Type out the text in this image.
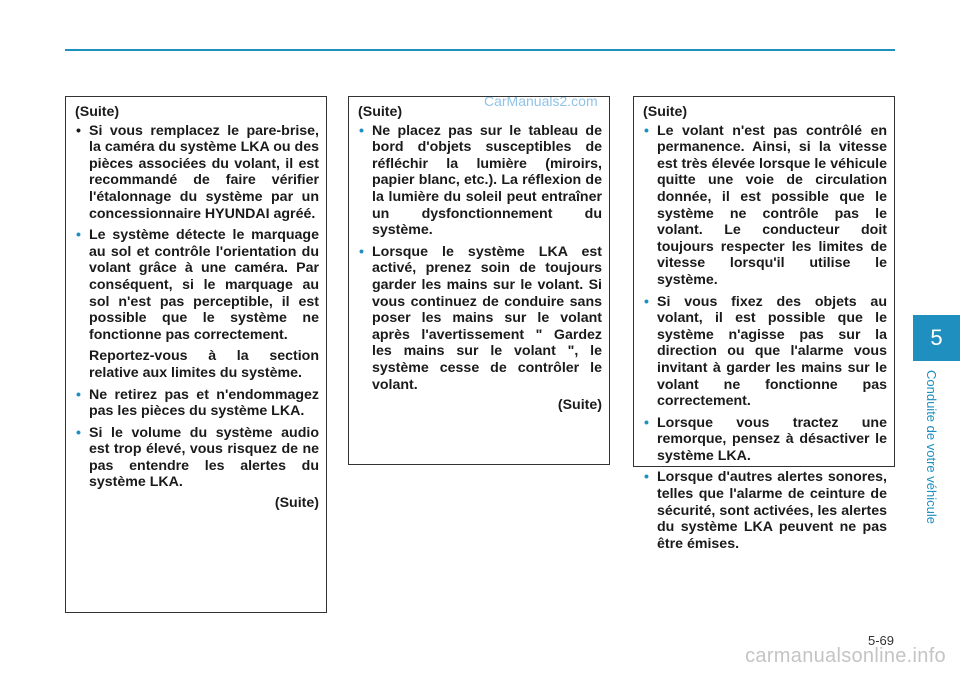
5
Conduite de votre véhicule
CarManuals2.com
(Suite)
• Si vous remplacez le pare-brise, la caméra du système LKA ou des pièces associées du volant, il est recommandé de faire vérifier l'étalonnage du système par un concessionnaire HYUNDAI agréé.
• Le système détecte le marquage au sol et contrôle l'orientation du volant grâce à une caméra. Par conséquent, si le marquage au sol n'est pas perceptible, il est possible que le système ne fonctionne pas correctement.
Reportez-vous à la section relative aux limites du système.
• Ne retirez pas et n'endommagez pas les pièces du système LKA.
• Si le volume du système audio est trop élevé, vous risquez de ne pas entendre les alertes du système LKA.
(Suite)
(Suite)
• Ne placez pas sur le tableau de bord d'objets susceptibles de réfléchir la lumière (miroirs, papier blanc, etc.). La réflexion de la lumière du soleil peut entraîner un dysfonctionnement du système.
• Lorsque le système LKA est activé, prenez soin de toujours garder les mains sur le volant. Si vous continuez de conduire sans poser les mains sur le volant après l'avertissement " Gardez les mains sur le volant ", le système cesse de contrôler le volant.
(Suite)
(Suite)
• Le volant n'est pas contrôlé en permanence. Ainsi, si la vitesse est très élevée lorsque le véhicule quitte une voie de circulation donnée, il est possible que le système ne contrôle pas le volant. Le conducteur doit toujours respecter les limites de vitesse lorsqu'il utilise le système.
• Si vous fixez des objets au volant, il est possible que le système n'agisse pas sur la direction ou que l'alarme vous invitant à garder les mains sur le volant ne fonctionne pas correctement.
• Lorsque vous tractez une remorque, pensez à désactiver le système LKA.
• Lorsque d'autres alertes sonores, telles que l'alarme de ceinture de sécurité, sont activées, les alertes du système LKA peuvent ne pas être émises.
5-69
carmanualsonline.info
